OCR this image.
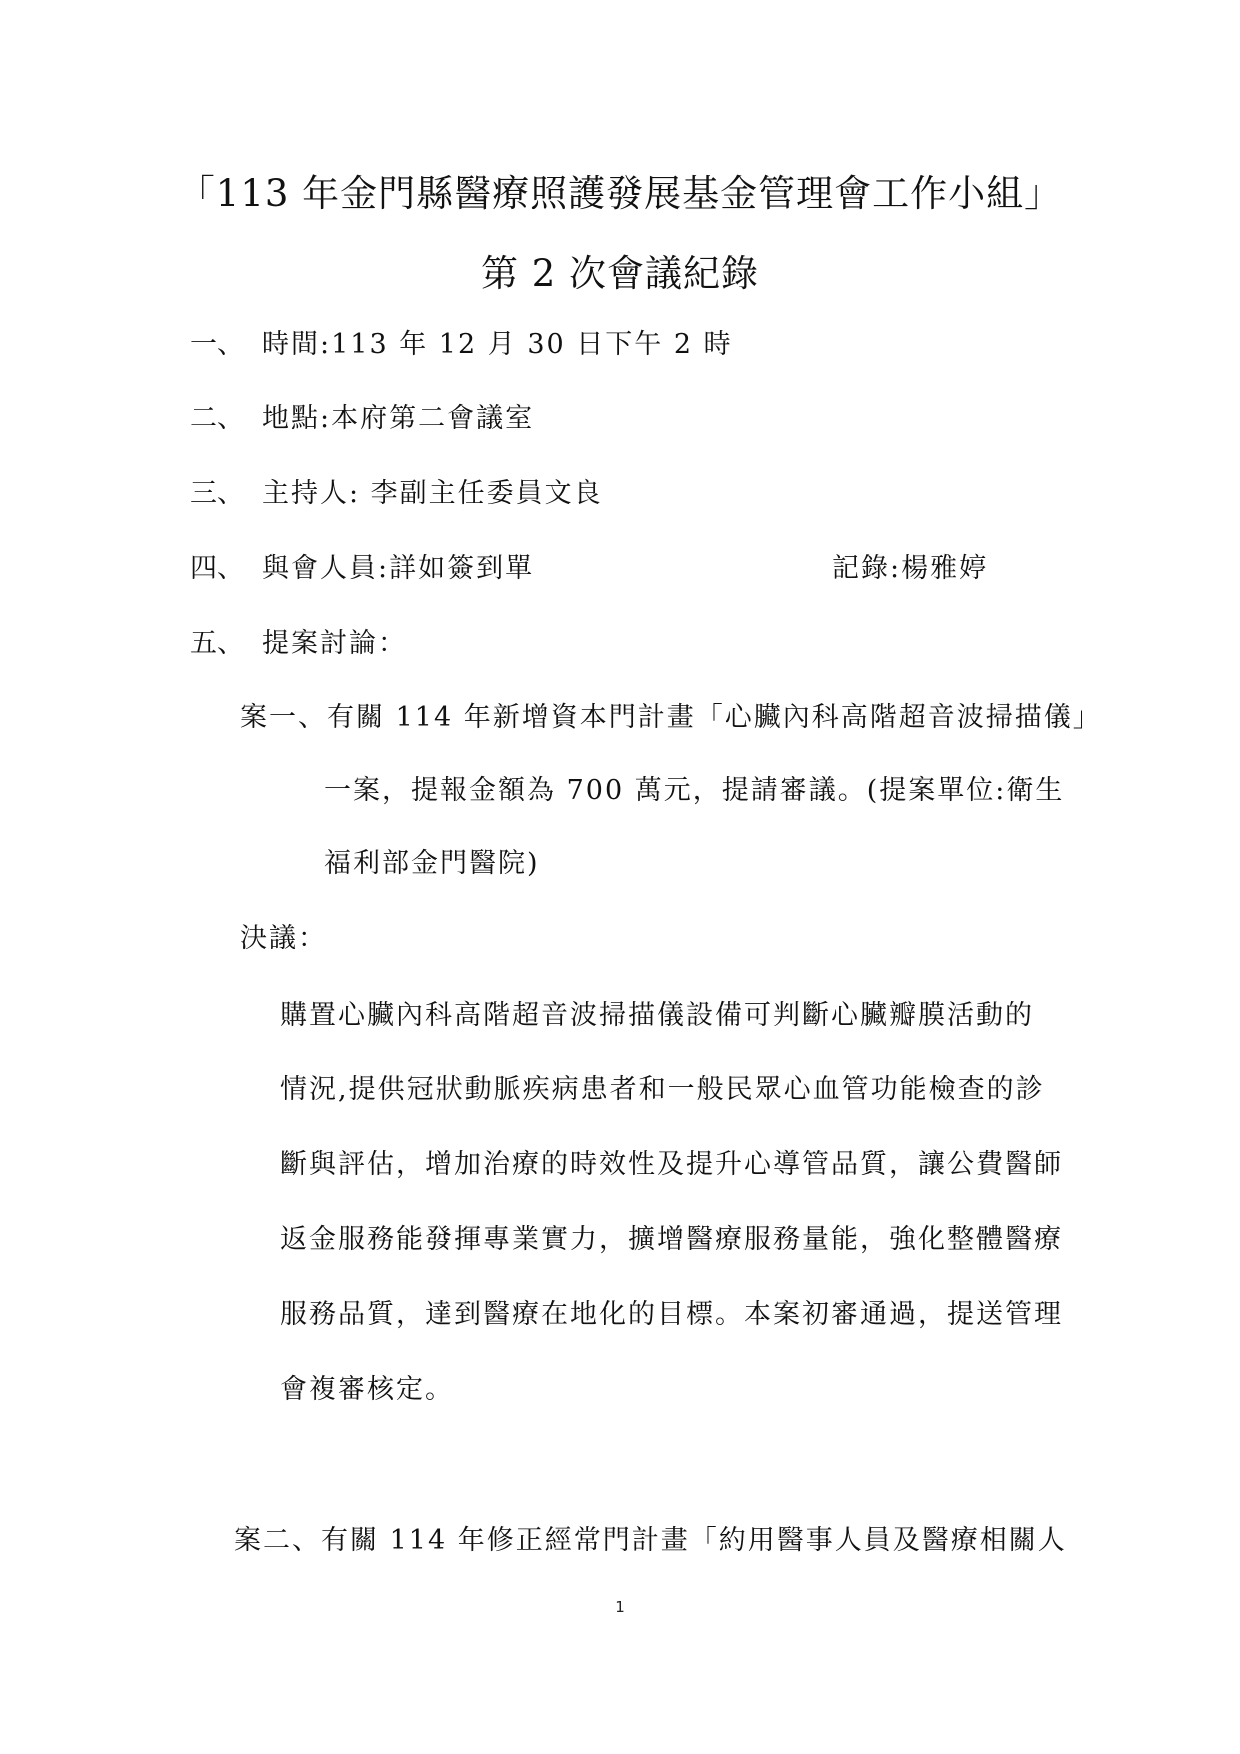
「113 年金門縣醫療照護發展基金管理會工作小組」
第 2 次會議紀錄
一、 時間:113 年 12 月 30 日下午 2 時
二、 地點:本府第二會議室
三、 主持人: 李副主任委員文良
四、 與會人員:詳如簽到單	記錄:楊雅婷
五、 提案討論：
案一、有關 114 年新增資本門計畫「心臟內科高階超音波掃描儀」
一案，提報金額為 700 萬元，提請審議。(提案單位:衛生
福利部金門醫院)
決議：
購置心臟內科高階超音波掃描儀設備可判斷心臟瓣膜活動的
情況,提供冠狀動脈疾病患者和一般民眾心血管功能檢查的診
斷與評估，增加治療的時效性及提升心導管品質，讓公費醫師
返金服務能發揮專業實力，擴增醫療服務量能，強化整體醫療
服務品質，達到醫療在地化的目標。本案初審通過，提送管理
會複審核定。
案二、有關 114 年修正經常門計畫「約用醫事人員及醫療相關人
1
